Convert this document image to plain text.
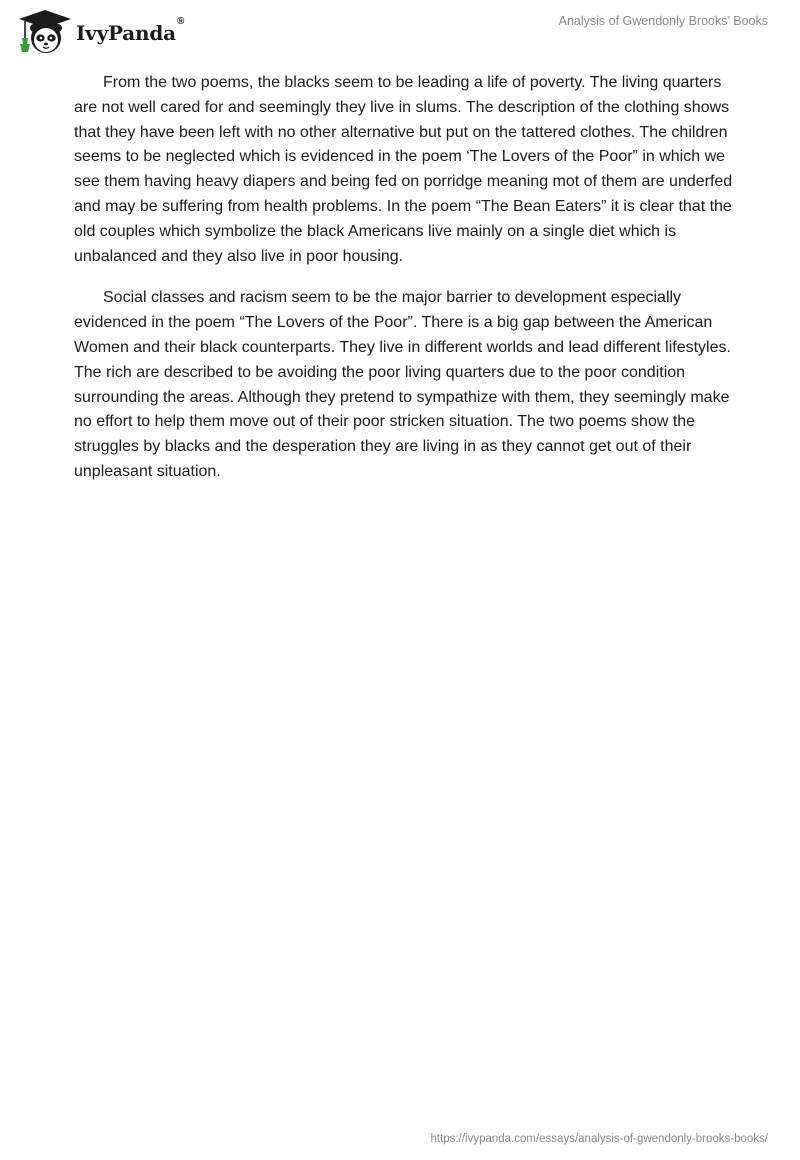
IvyPanda®	Analysis of Gwendonly Brooks’ Books

From the two poems, the blacks seem to be leading a life of poverty. The living quarters are not well cared for and seemingly they live in slums. The description of the clothing shows that they have been left with no other alternative but put on the tattered clothes. The children seems to be neglected which is evidenced in the poem ‘The Lovers of the Poor” in which we see them having heavy diapers and being fed on porridge meaning mot of them are underfed and may be suffering from health problems. In the poem “The Bean Eaters” it is clear that the old couples which symbolize the black Americans live mainly on a single diet which is unbalanced and they also live in poor housing.

Social classes and racism seem to be the major barrier to development especially evidenced in the poem “The Lovers of the Poor”. There is a big gap between the American Women and their black counterparts. They live in different worlds and lead different lifestyles. The rich are described to be avoiding the poor living quarters due to the poor condition surrounding the areas. Although they pretend to sympathize with them, they seemingly make no effort to help them move out of their poor stricken situation. The two poems show the struggles by blacks and the desperation they are living in as they cannot get out of their unpleasant situation.

https://ivypanda.com/essays/analysis-of-gwendonly-brooks-books/
